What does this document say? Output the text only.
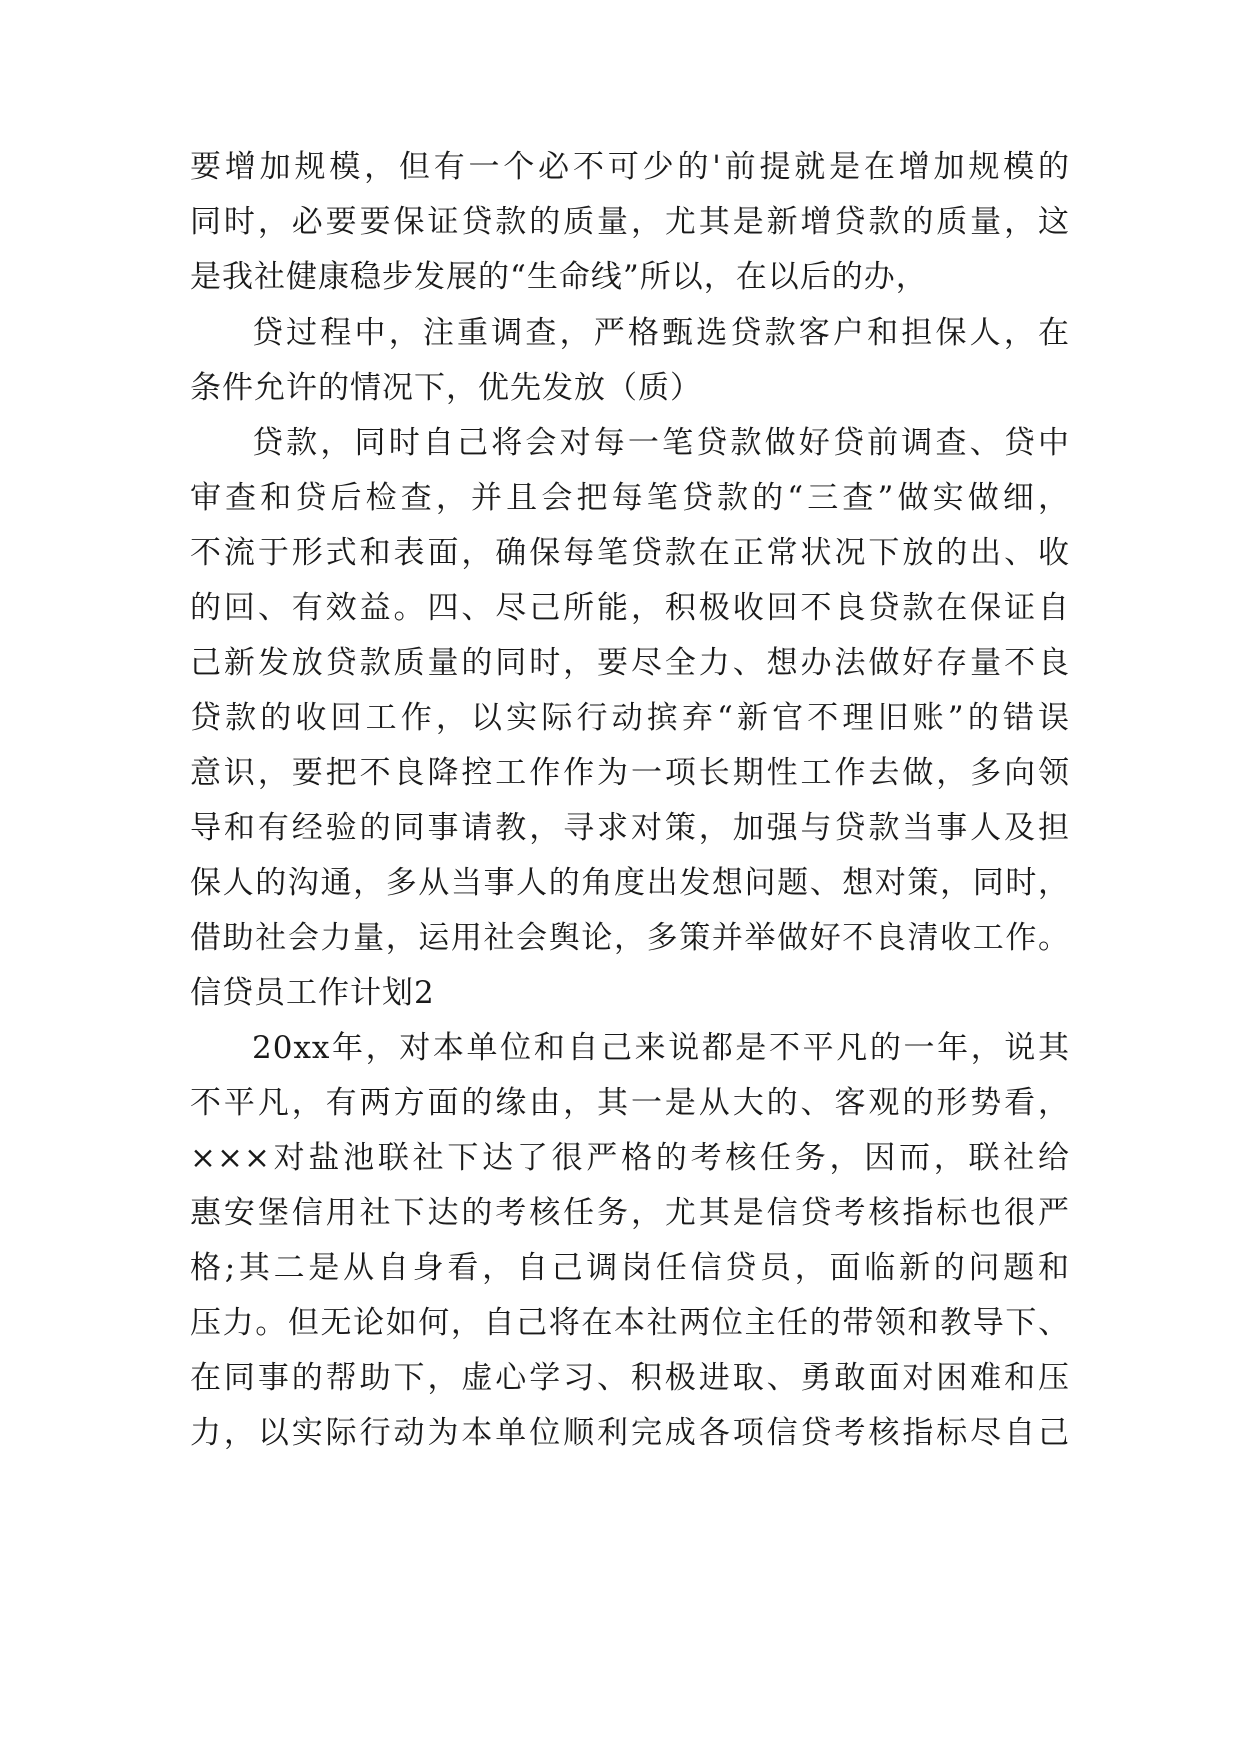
要增加规模，但有一个必不可少的'前提就是在增加规模的
同时，必要要保证贷款的质量，尤其是新增贷款的质量，这
是我社健康稳步发展的“生命线”所以，在以后的办，
贷过程中，注重调查，严格甄选贷款客户和担保人，在
条件允许的情况下，优先发放（质）
贷款，同时自己将会对每一笔贷款做好贷前调查、贷中
审查和贷后检查，并且会把每笔贷款的“三查”做实做细，
不流于形式和表面，确保每笔贷款在正常状况下放的出、收
的回、有效益。四、尽己所能，积极收回不良贷款在保证自
己新发放贷款质量的同时，要尽全力、想办法做好存量不良
贷款的收回工作，以实际行动摈弃“新官不理旧账”的错误
意识，要把不良降控工作作为一项长期性工作去做，多向领
导和有经验的同事请教，寻求对策，加强与贷款当事人及担
保人的沟通，多从当事人的角度出发想问题、想对策，同时，
借助社会力量，运用社会舆论，多策并举做好不良清收工作。
信贷员工作计划2
20xx年，对本单位和自己来说都是不平凡的一年，说其
不平凡，有两方面的缘由，其一是从大的、客观的形势看，
×××对盐池联社下达了很严格的考核任务，因而，联社给
惠安堡信用社下达的考核任务，尤其是信贷考核指标也很严
格;其二是从自身看，自己调岗任信贷员，面临新的问题和
压力。但无论如何，自己将在本社两位主任的带领和教导下、
在同事的帮助下，虚心学习、积极进取、勇敢面对困难和压
力，以实际行动为本单位顺利完成各项信贷考核指标尽自己
